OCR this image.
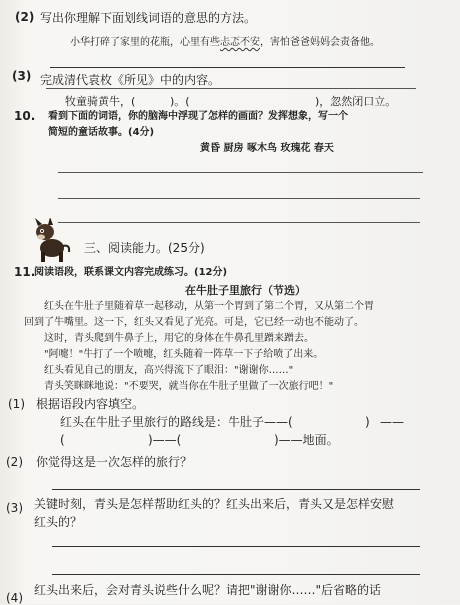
(2) 写出你理解下面划线词语的意思的方法。
小华打碎了家里的花瓶，心里有些忐忑不安，害怕爸爸妈妈会责备他。
(3) 完成清代袁枚《所见》中的内容。
牧童骑黄牛，(	)。(	)，忽然闭口立。
10. 看到下面的词语，你的脑海中浮现了怎样的画面？发挥想象，写一个
简短的童话故事。(4分)
黄昏 厨房 啄木鸟 玫瑰花 春天
三、阅读能力。(25分)
11.
阅读语段，联系课文内容完成练习。(12分)
在牛肚子里旅行（节选）
红头在牛肚子里随着草一起移动，从第一个胃到了第二个胃，又从第二个胃
回到了牛嘴里。这一下，红头又看见了光亮。可是，它已经一动也不能动了。
这时，青头爬到牛鼻子上，用它的身体在牛鼻孔里蹭来蹭去。
"阿嚏！"牛打了一个喷嚏，红头随着一阵草一下子给喷了出来。
红头看见自己的朋友，高兴得流下了眼泪："谢谢你……"
青头笑眯眯地说："不要哭，就当你在牛肚子里做了一次旅行吧！"
(1) 根据语段内容填空。
红头在牛肚子里旅行的路线是：牛肚子——(	) ——
(	)——(	)——地面。
(2) 你觉得这是一次怎样的旅行？
(3) 关键时刻，青头是怎样帮助红头的？红头出来后，青头又是怎样安慰
红头的？
(4)
红头出来后，会对青头说些什么呢？请把"谢谢你……"后省略的话
